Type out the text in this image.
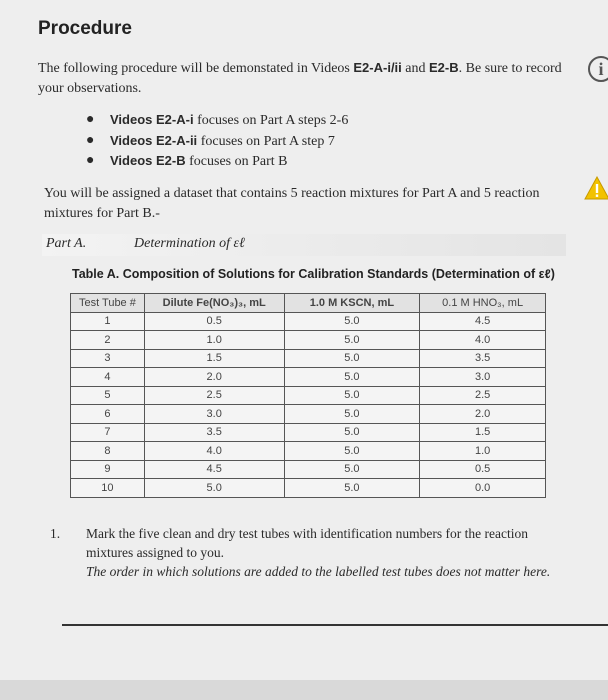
Procedure
i
The following procedure will be demonstated in Videos E2-A-i/ii and E2-B. Be sure to record your observations.
● Videos E2-A-i focuses on Part A steps 2-6
● Videos E2-A-ii focuses on Part A step 7
● Videos E2-B focuses on Part B
You will be assigned a dataset that contains 5 reaction mixtures for Part A and 5 reaction mixtures for Part B.-
Part A.	Determination of εℓ
Table A. Composition of Solutions for Calibration Standards (Determination of εℓ)
Test Tube #	Dilute Fe(NO₃)₃, mL	1.0 M KSCN, mL	0.1 M HNO₃, mL
1	0.5	5.0	4.5
2	1.0	5.0	4.0
3	1.5	5.0	3.5
4	2.0	5.0	3.0
5	2.5	5.0	2.5
6	3.0	5.0	2.0
7	3.5	5.0	1.5
8	4.0	5.0	1.0
9	4.5	5.0	0.5
10	5.0	5.0	0.0
1. Mark the five clean and dry test tubes with identification numbers for the reaction mixtures assigned to you.
The order in which solutions are added to the labelled test tubes does not matter here.
